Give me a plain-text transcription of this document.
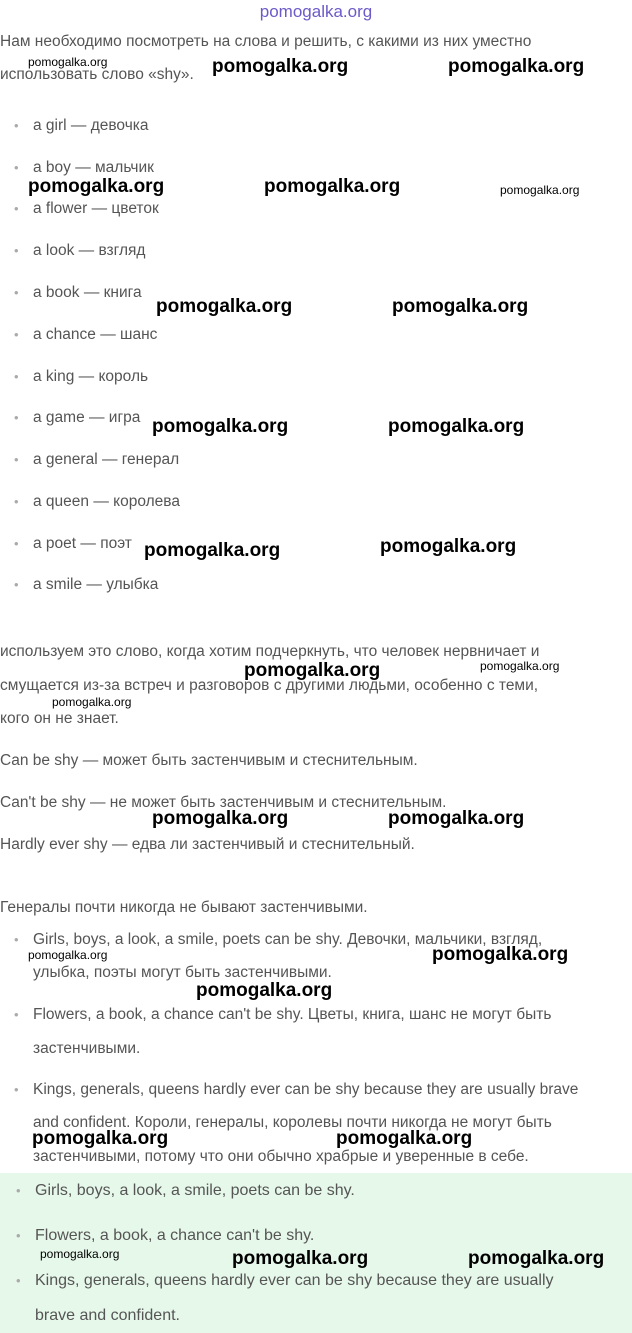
pomogalka.org
Нам необходимо посмотреть на слова и решить, с какими из них уместно
использовать слово «shy».
• a girl — девочка
• a boy — мальчик
• a flower — цветок
• a look — взгляд
• a book — книга
• a chance — шанс
• a king — король
• a game — игра
• a general — генерал
• a queen — королева
• a poet — поэт
• a smile — улыбка
используем это слово, когда хотим подчеркнуть, что человек нервничает и
смущается из-за встреч и разговоров с другими людьми, особенно с теми,
кого он не знает.
Can be shy — может быть застенчивым и стеснительным.
Can't be shy — не может быть застенчивым и стеснительным.
Hardly ever shy — едва ли застенчивый и стеснительный.
Генералы почти никогда не бывают застенчивыми.
• Girls, boys, a look, a smile, poets can be shy. Девочки, мальчики, взгляд,
улыбка, поэты могут быть застенчивыми.
• Flowers, a book, a chance can't be shy. Цветы, книга, шанс не могут быть
застенчивыми.
• Kings, generals, queens hardly ever can be shy because they are usually brave
and confident. Короли, генералы, королевы почти никогда не могут быть
застенчивыми, потому что они обычно храбрые и уверенные в себе.
• Girls, boys, a look, a smile, poets can be shy.
• Flowers, a book, a chance can't be shy.
• Kings, generals, queens hardly ever can be shy because they are usually
brave and confident.
pomogalka.org	pomogalka.org	pomogalka.org
pomogalka.org	pomogalka.org	pomogalka.org
pomogalka.org	pomogalka.org
pomogalka.org	pomogalka.org
pomogalka.org	pomogalka.org
pomogalka.org	pomogalka.org
pomogalka.org
pomogalka.org	pomogalka.org
pomogalka.org	pomogalka.org
pomogalka.org
pomogalka.org	pomogalka.org
pomogalka.org	pomogalka.org	pomogalka.org
